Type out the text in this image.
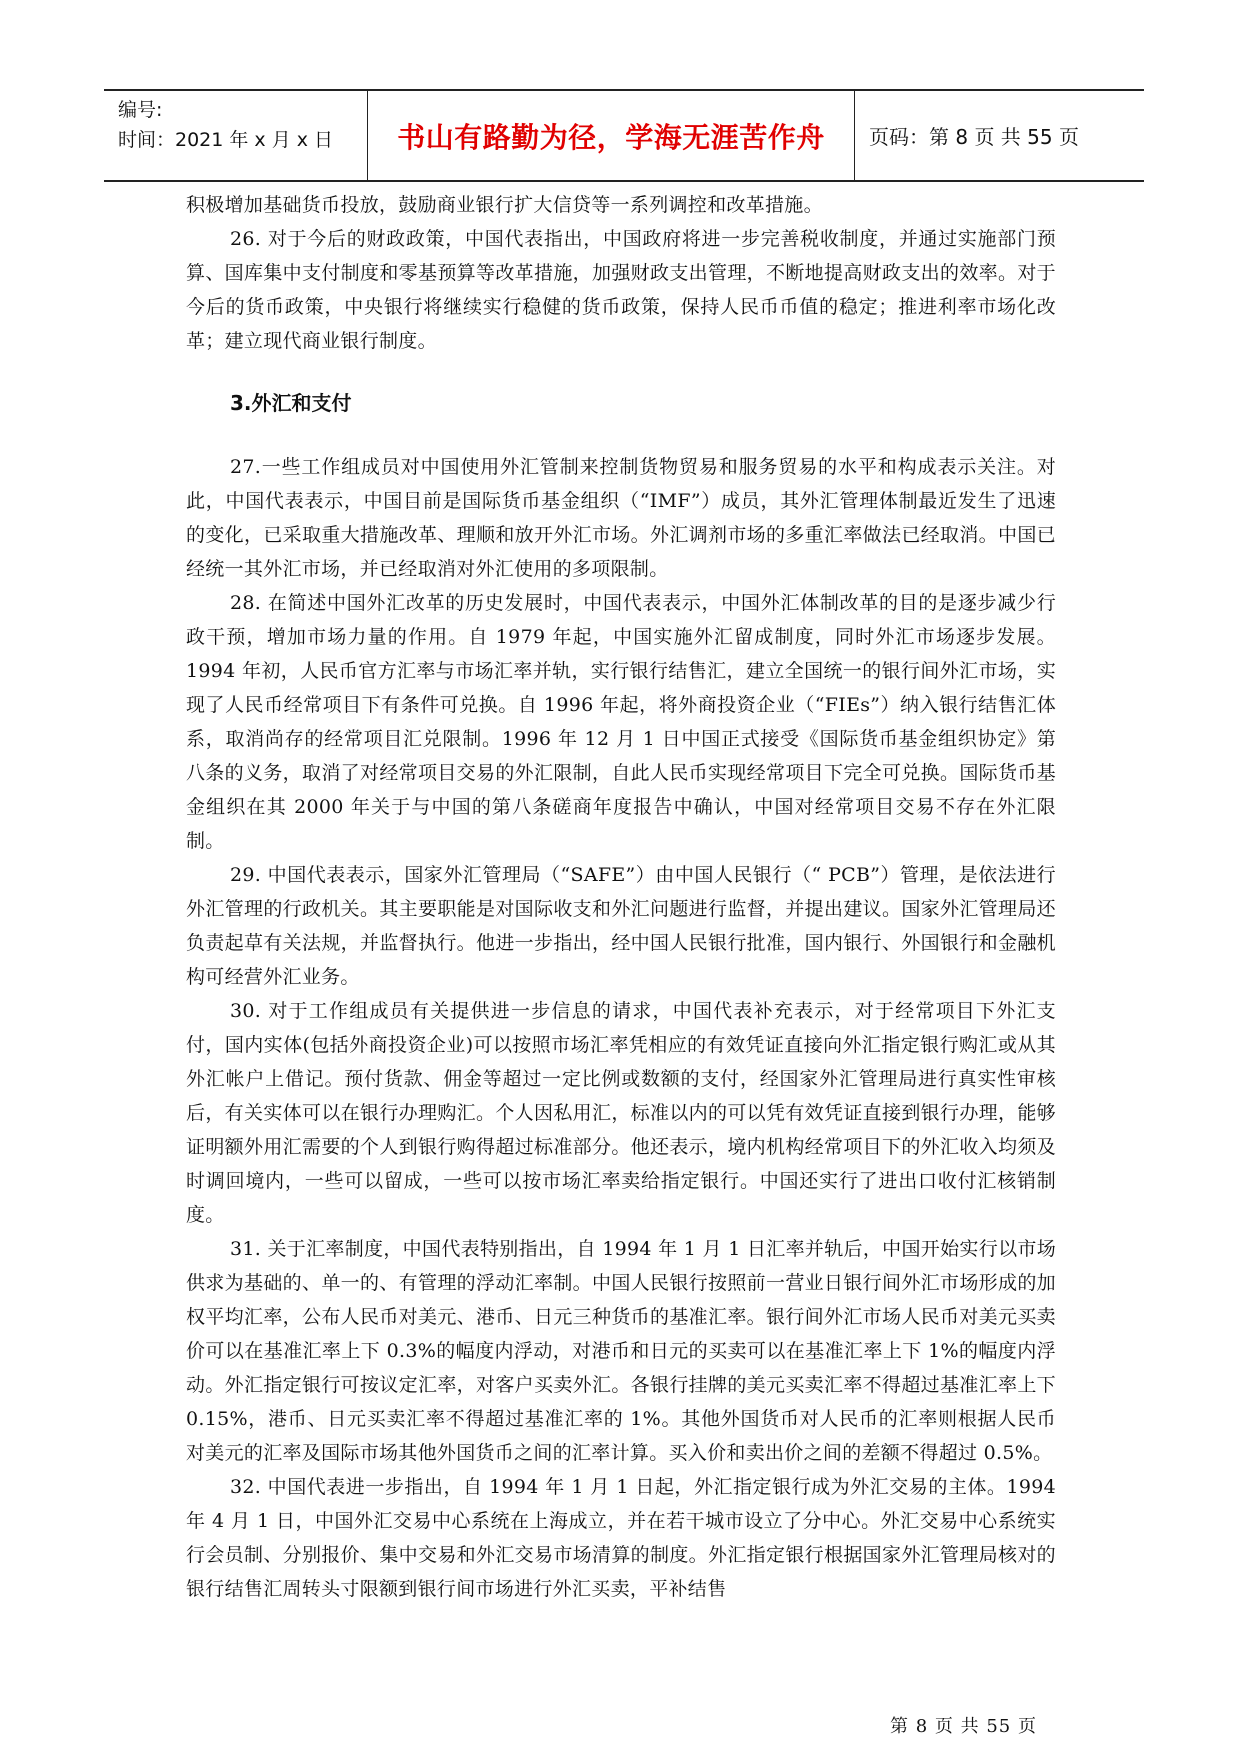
编号:
时间：2021 年 x 月 x 日	书山有路勤为径，学海无涯苦作舟 页码：第 8 页 共 55 页

积极增加基础货币投放，鼓励商业银行扩大信贷等一系列调控和改革措施。

26. 对于今后的财政政策，中国代表指出，中国政府将进一步完善税收制度，并通过实施部门预算、国库集中支付制度和零基预算等改革措施，加强财政支出管理，不断地提高财政支出的效率。对于今后的货币政策，中央银行将继续实行稳健的货币政策，保持人民币币值的稳定；推进利率市场化改革；建立现代商业银行制度。

3.外汇和支付

27.一些工作组成员对中国使用外汇管制来控制货物贸易和服务贸易的水平和构成表示关注。对此，中国代表表示，中国目前是国际货币基金组织（“IMF”）成员，其外汇管理体制最近发生了迅速的变化，已采取重大措施改革、理顺和放开外汇市场。外汇调剂市场的多重汇率做法已经取消。中国已经统一其外汇市场，并已经取消对外汇使用的多项限制。

28. 在简述中国外汇改革的历史发展时，中国代表表示，中国外汇体制改革的目的是逐步减少行政干预，增加市场力量的作用。自 1979 年起，中国实施外汇留成制度，同时外汇市场逐步发展。1994 年初，人民币官方汇率与市场汇率并轨，实行银行结售汇，建立全国统一的银行间外汇市场，实现了人民币经常项目下有条件可兑换。自 1996 年起，将外商投资企业（“FIEs”）纳入银行结售汇体系，取消尚存的经常项目汇兑限制。1996 年 12 月 1 日中国正式接受《国际货币基金组织协定》第八条的义务，取消了对经常项目交易的外汇限制，自此人民币实现经常项目下完全可兑换。国际货币基金组织在其 2000 年关于与中国的第八条磋商年度报告中确认，中国对经常项目交易不存在外汇限制。

29. 中国代表表示，国家外汇管理局（“SAFE”）由中国人民银行（“ PCB”）管理，是依法进行外汇管理的行政机关。其主要职能是对国际收支和外汇问题进行监督，并提出建议。国家外汇管理局还负责起草有关法规，并监督执行。他进一步指出，经中国人民银行批准，国内银行、外国银行和金融机构可经营外汇业务。

30. 对于工作组成员有关提供进一步信息的请求，中国代表补充表示，对于经常项目下外汇支付，国内实体(包括外商投资企业)可以按照市场汇率凭相应的有效凭证直接向外汇指定银行购汇或从其外汇帐户上借记。预付货款、佣金等超过一定比例或数额的支付，经国家外汇管理局进行真实性审核后，有关实体可以在银行办理购汇。个人因私用汇，标准以内的可以凭有效凭证直接到银行办理，能够证明额外用汇需要的个人到银行购得超过标准部分。他还表示，境内机构经常项目下的外汇收入均须及时调回境内，一些可以留成，一些可以按市场汇率卖给指定银行。中国还实行了进出口收付汇核销制度。

31. 关于汇率制度，中国代表特别指出，自 1994 年 1 月 1 日汇率并轨后，中国开始实行以市场供求为基础的、单一的、有管理的浮动汇率制。中国人民银行按照前一营业日银行间外汇市场形成的加权平均汇率，公布人民币对美元、港币、日元三种货币的基准汇率。银行间外汇市场人民币对美元买卖价可以在基准汇率上下 0.3%的幅度内浮动，对港币和日元的买卖可以在基准汇率上下 1%的幅度内浮动。外汇指定银行可按议定汇率，对客户买卖外汇。各银行挂牌的美元买卖汇率不得超过基准汇率上下 0.15%，港币、日元买卖汇率不得超过基准汇率的 1%。其他外国货币对人民币的汇率则根据人民币对美元的汇率及国际市场其他外国货币之间的汇率计算。买入价和卖出价之间的差额不得超过 0.5%。

32. 中国代表进一步指出，自 1994 年 1 月 1 日起，外汇指定银行成为外汇交易的主体。1994 年 4 月 1 日，中国外汇交易中心系统在上海成立，并在若干城市设立了分中心。外汇交易中心系统实行会员制、分别报价、集中交易和外汇交易市场清算的制度。外汇指定银行根据国家外汇管理局核对的银行结售汇周转头寸限额到银行间市场进行外汇买卖，平补结售

第 8 页 共 55 页
